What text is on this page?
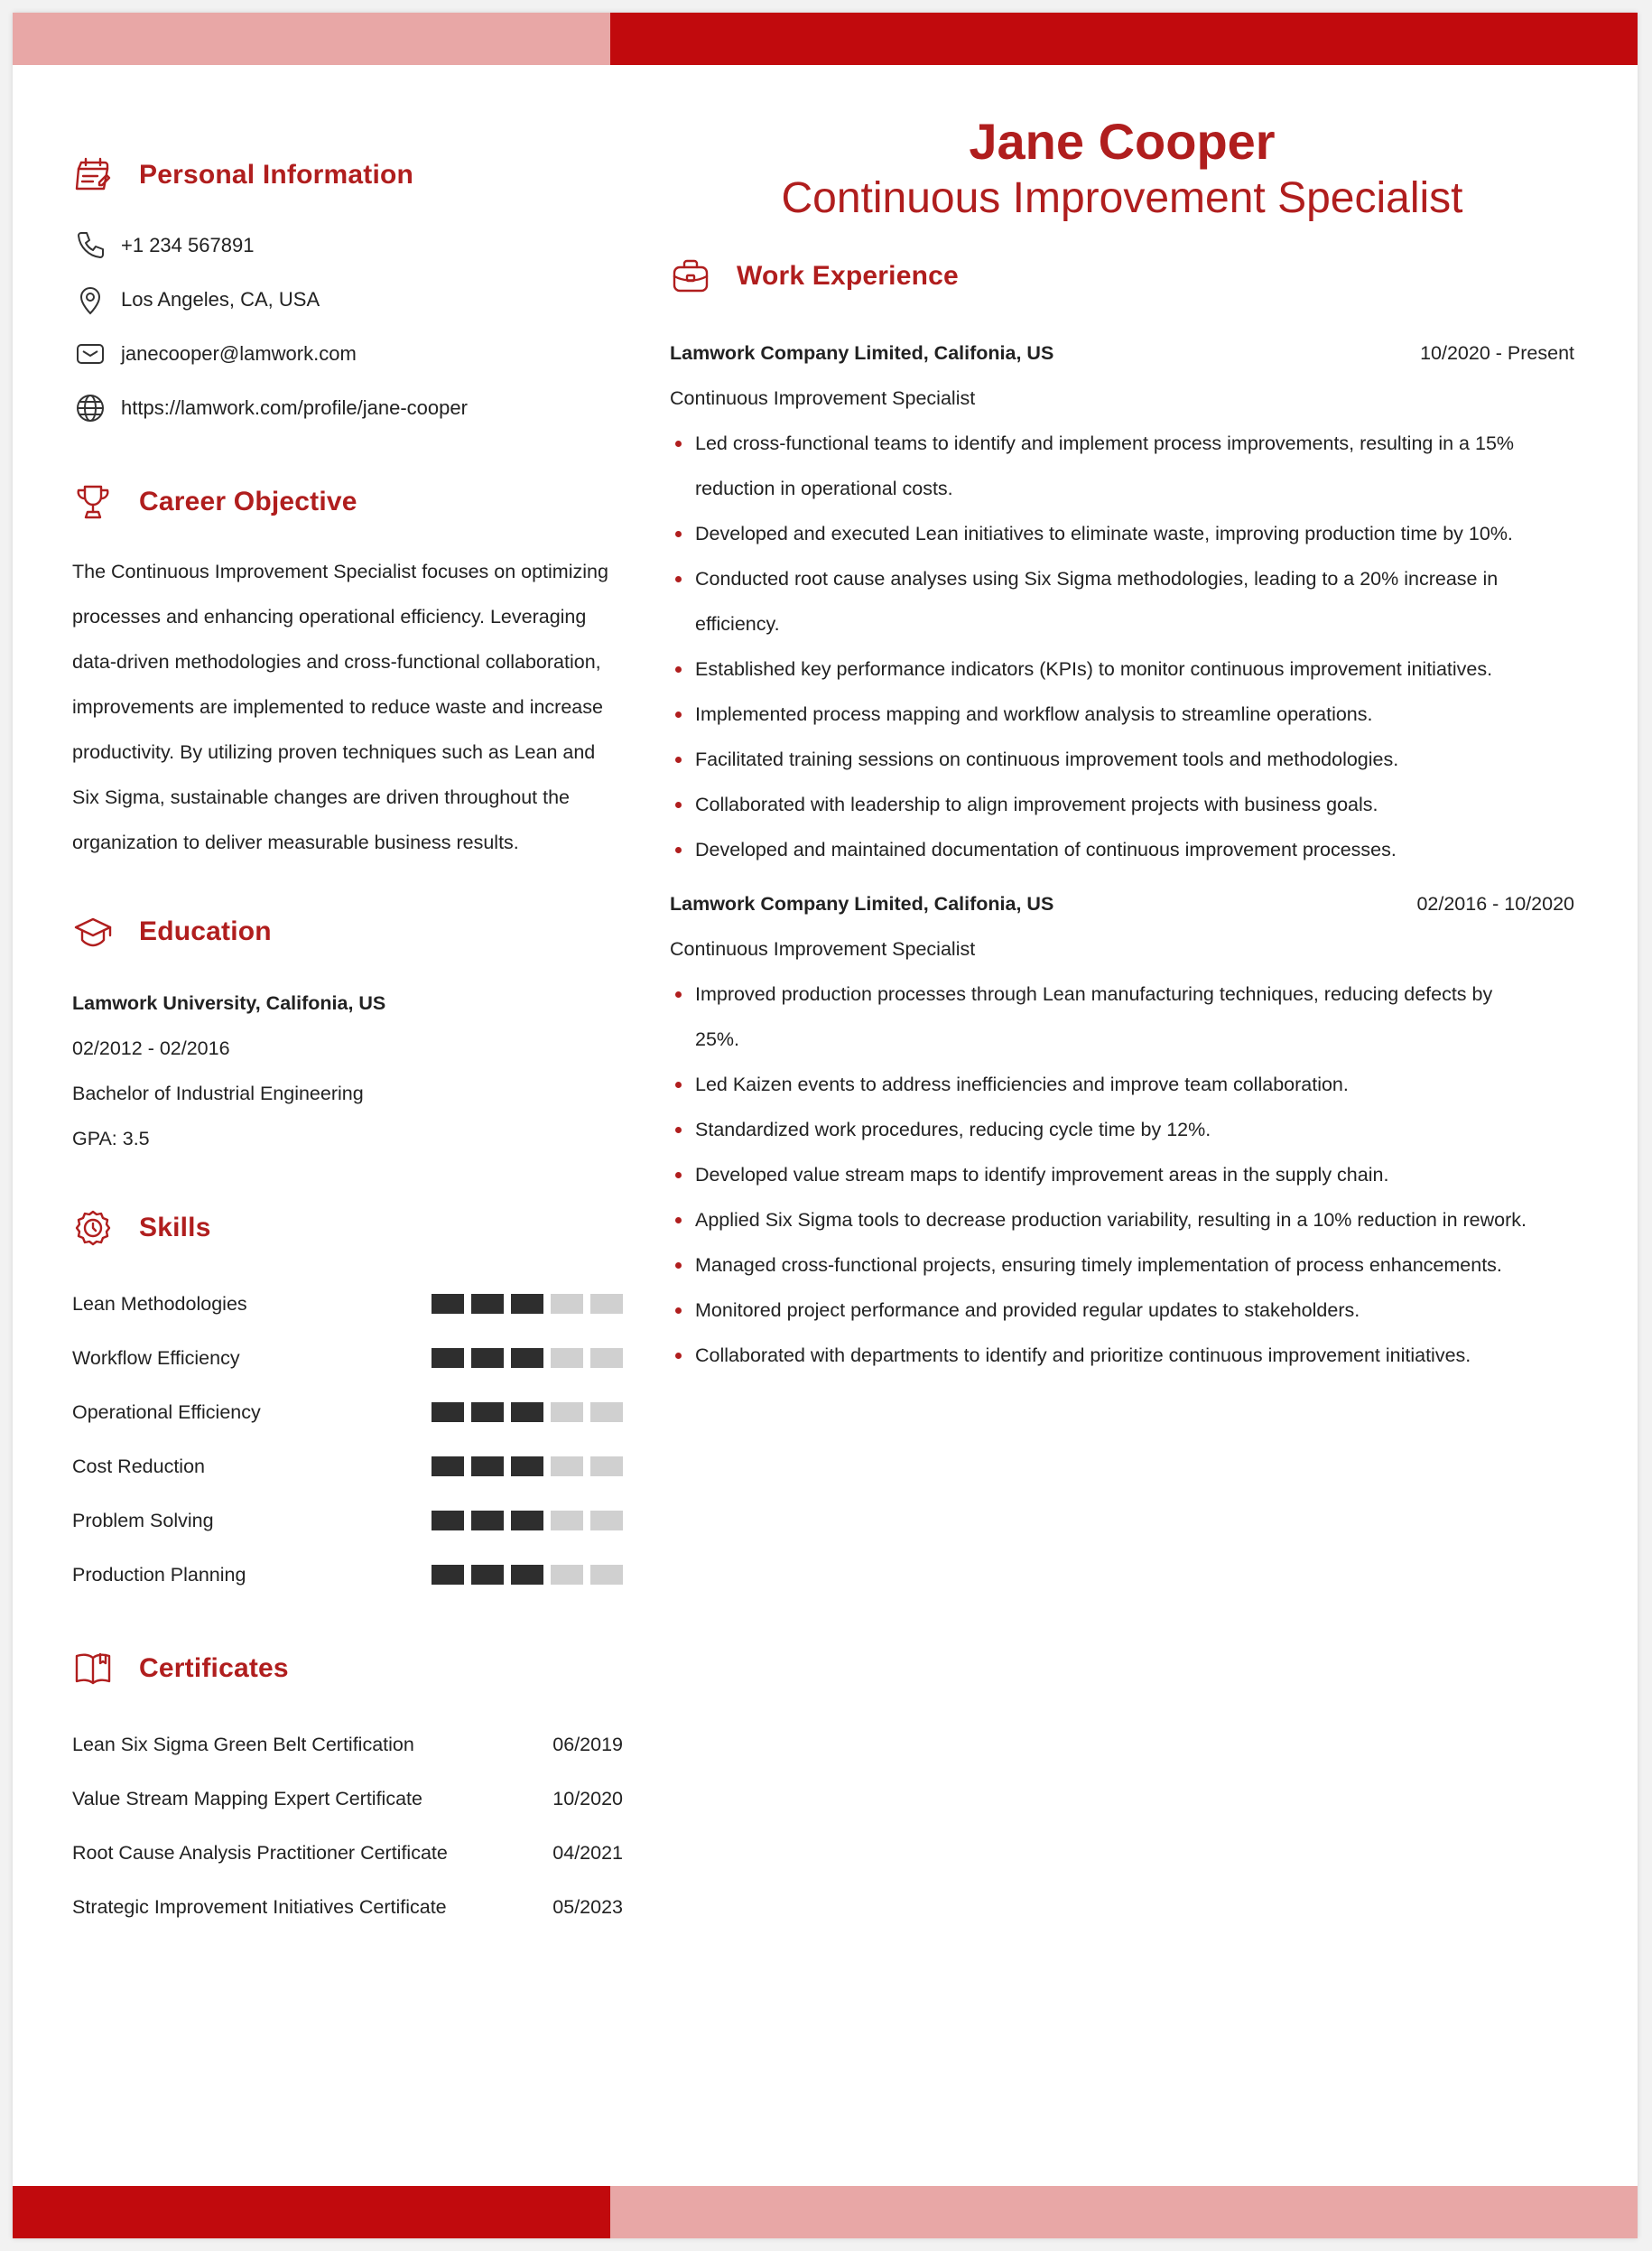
Personal Information
+1 234 567891
Los Angeles, CA, USA
janecooper@lamwork.com
https://lamwork.com/profile/jane-cooper
Career Objective
The Continuous Improvement Specialist focuses on optimizing processes and enhancing operational efficiency. Leveraging data-driven methodologies and cross-functional collaboration, improvements are implemented to reduce waste and increase productivity. By utilizing proven techniques such as Lean and Six Sigma, sustainable changes are driven throughout the organization to deliver measurable business results.
Education
Lamwork University, Califonia, US
02/2012 - 02/2016
Bachelor of Industrial Engineering
GPA: 3.5
Skills
Lean Methodologies
Workflow Efficiency
Operational Efficiency
Cost Reduction
Problem Solving
Production Planning
Certificates
Lean Six Sigma Green Belt Certification	06/2019
Value Stream Mapping Expert Certificate	10/2020
Root Cause Analysis Practitioner Certificate	04/2021
Strategic Improvement Initiatives Certificate	05/2023
Jane Cooper
Continuous Improvement Specialist
Work Experience
Lamwork Company Limited, Califonia, US	10/2020 - Present
Continuous Improvement Specialist
Led cross-functional teams to identify and implement process improvements, resulting in a 15% reduction in operational costs.
Developed and executed Lean initiatives to eliminate waste, improving production time by 10%.
Conducted root cause analyses using Six Sigma methodologies, leading to a 20% increase in efficiency.
Established key performance indicators (KPIs) to monitor continuous improvement initiatives.
Implemented process mapping and workflow analysis to streamline operations.
Facilitated training sessions on continuous improvement tools and methodologies.
Collaborated with leadership to align improvement projects with business goals.
Developed and maintained documentation of continuous improvement processes.
Lamwork Company Limited, Califonia, US	02/2016 - 10/2020
Continuous Improvement Specialist
Improved production processes through Lean manufacturing techniques, reducing defects by 25%.
Led Kaizen events to address inefficiencies and improve team collaboration.
Standardized work procedures, reducing cycle time by 12%.
Developed value stream maps to identify improvement areas in the supply chain.
Applied Six Sigma tools to decrease production variability, resulting in a 10% reduction in rework.
Managed cross-functional projects, ensuring timely implementation of process enhancements.
Monitored project performance and provided regular updates to stakeholders.
Collaborated with departments to identify and prioritize continuous improvement initiatives.
